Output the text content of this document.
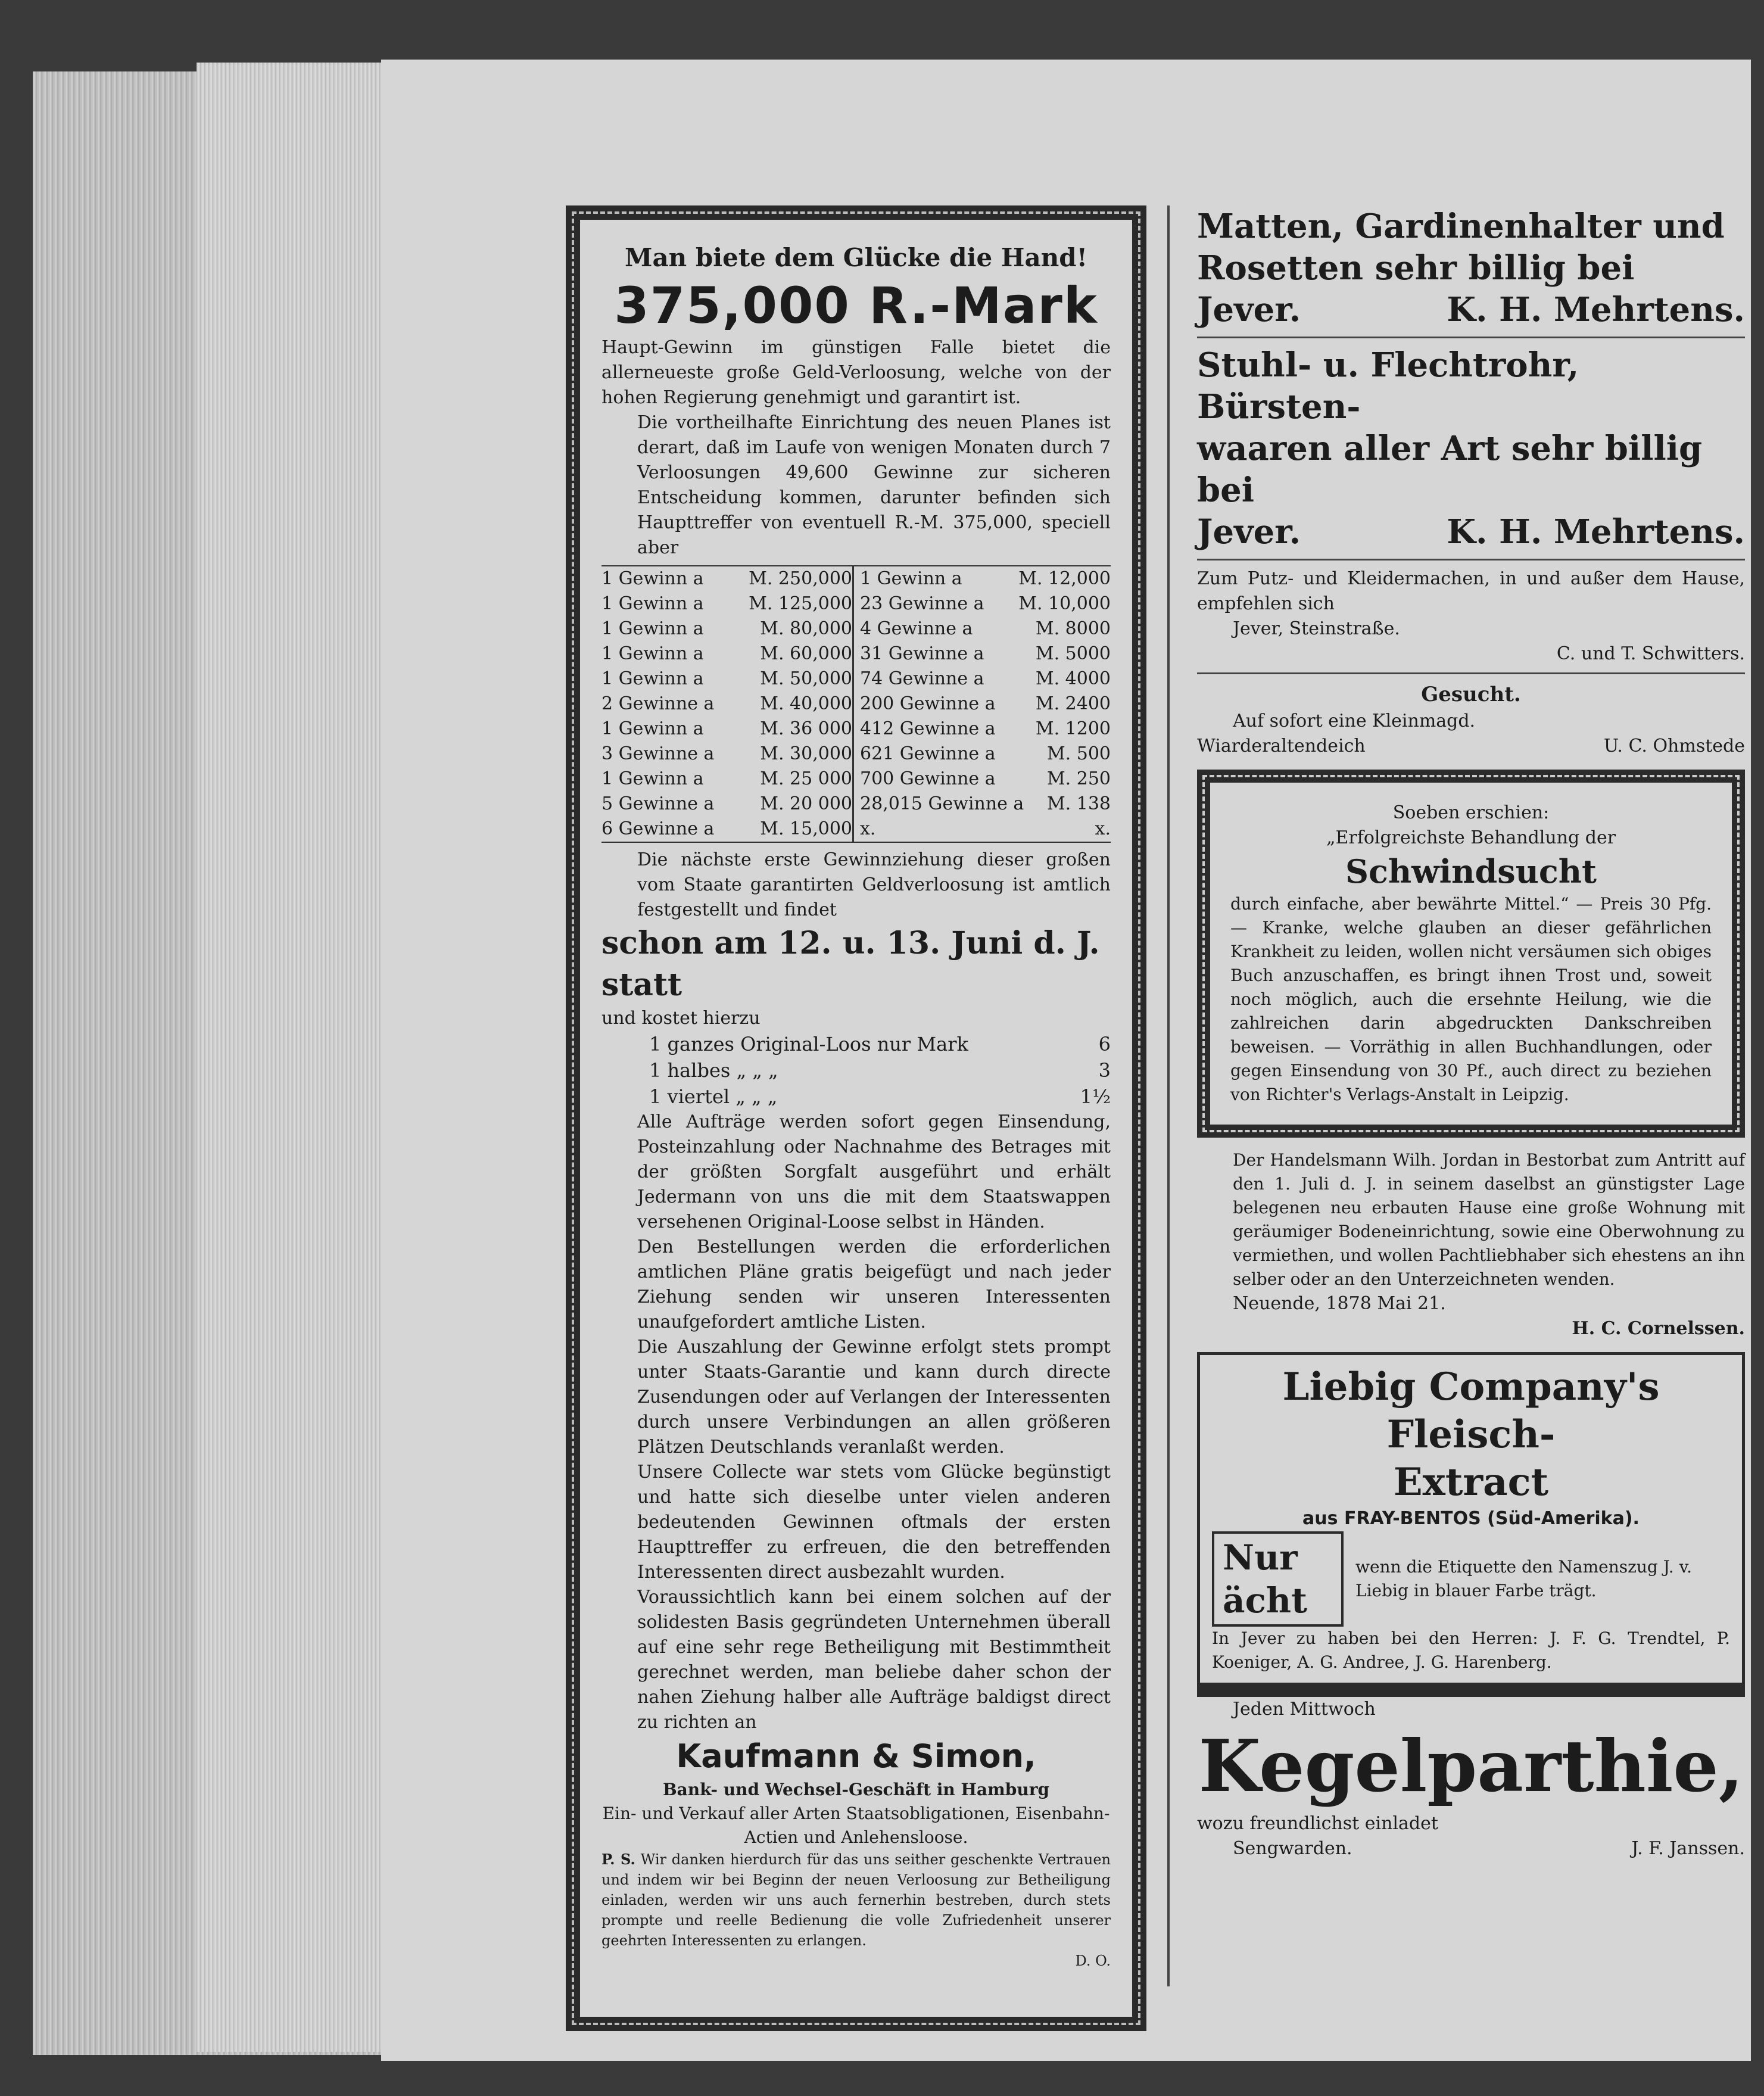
Man biete dem Glücke die Hand!

375,000 R.-Mark

Haupt-Gewinn im günstigen Falle bietet die allerneueste große Geld-Verloosung, welche von der hohen Regierung genehmigt und garantirt ist.

Die vortheilhafte Einrichtung des neuen Planes ist derart, daß im Laufe von wenigen Monaten durch 7 Verloosungen 49,600 Gewinne zur sicheren Entscheidung kommen, darunter befinden sich Haupttreffer von eventuell R.-M. 375,000, speciell aber

1 Gewinn a	M. 250,000
1 Gewinn a	M. 125,000
1 Gewinn a	M. 80,000
1 Gewinn a	M. 60,000
1 Gewinn a	M. 50,000
2 Gewinne a	M. 40,000
1 Gewinn a	M. 36 000
3 Gewinne a	M. 30,000
1 Gewinn a	M. 25 000
5 Gewinne a	M. 20 000
6 Gewinne a	M. 15,000
1 Gewinn a	M. 12,000
23 Gewinne a M. 10,000
4 Gewinne a	M. 8000
31 Gewinne a	M. 5000
74 Gewinne a	M. 4000
200 Gewinne a M. 2400
412 Gewinne a M. 1200
621 Gewinne a	M. 500
700 Gewinne a	M. 250
28,015 Gewinne a M. 138
x.	x.

Die nächste erste Gewinnziehung dieser großen vom Staate garantirten Geldverloosung ist amtlich festgestellt und findet

schon am 12. u. 13. Juni d. J. statt

und kostet hierzu

1 ganzes Original-Loos nur Mark	6
1 halbes „ „ „	3
1 viertel „ „ „	1½

Alle Aufträge werden sofort gegen Einsendung, Posteinzahlung oder Nachnahme des Betrages mit der größten Sorgfalt ausgeführt und erhält Jedermann von uns die mit dem Staatswappen versehenen Original-Loose selbst in Händen.

Den Bestellungen werden die erforderlichen amtlichen Pläne gratis beigefügt und nach jeder Ziehung senden wir unseren Interessenten unaufgefordert amtliche Listen.

Die Auszahlung der Gewinne erfolgt stets prompt unter Staats-Garantie und kann durch directe Zusendungen oder auf Verlangen der Interessenten durch unsere Verbindungen an allen größeren Plätzen Deutschlands veranlaßt werden.

Unsere Collecte war stets vom Glücke begünstigt und hatte sich dieselbe unter vielen anderen bedeutenden Gewinnen oftmals der ersten Haupttreffer zu erfreuen, die den betreffenden Interessenten direct ausbezahlt wurden.

Voraussichtlich kann bei einem solchen auf der solidesten Basis gegründeten Unternehmen überall auf eine sehr rege Betheiligung mit Bestimmtheit gerechnet werden, man beliebe daher schon der nahen Ziehung halber alle Aufträge baldigst direct zu richten an

Kaufmann & Simon,

Bank- und Wechsel-Geschäft in Hamburg

Ein- und Verkauf aller Arten Staatsobligationen, Eisenbahn-Actien und Anlehensloose.

P. S. Wir danken hierdurch für das uns seither geschenkte Vertrauen und indem wir bei Beginn der neuen Verloosung zur Betheiligung einladen, werden wir uns auch fernerhin bestreben, durch stets prompte und reelle Bedienung die volle Zufriedenheit unserer geehrten Interessenten zu erlangen.

D. O.

Matten, Gardinenhalter und

Rosetten sehr billig bei

Jever.	K. H. Mehrtens.

Stuhl- u. Flechtrohr, Bürsten-

waaren aller Art sehr billig bei

Jever.	K. H. Mehrtens.

Zum Putz- und Kleidermachen, in und außer dem Hause, empfehlen sich

Jever, Steinstraße.

C. und T. Schwitters.

Gesucht.

Auf sofort eine Kleinmagd.

Wiarderaltendeich	U. C. Ohmstede

Soeben erschien:

„Erfolgreichste Behandlung der

Schwindsucht

durch einfache, aber bewährte Mittel.“ — Preis 30 Pfg. — Kranke, welche glauben an dieser gefährlichen Krankheit zu leiden, wollen nicht versäumen sich obiges Buch anzuschaffen, es bringt ihnen Trost und, soweit noch möglich, auch die ersehnte Heilung, wie die zahlreichen darin abgedruckten Dankschreiben beweisen. — Vorräthig in allen Buchhandlungen, oder gegen Einsendung von 30 Pf., auch direct zu beziehen von Richter's Verlags-Anstalt in Leipzig.

Der Handelsmann Wilh. Jordan in Bestorbat zum Antritt auf den 1. Juli d. J. in seinem daselbst an günstigster Lage belegenen neu erbauten Hause eine große Wohnung mit geräumiger Bodeneinrichtung, sowie eine Oberwohnung zu vermiethen, und wollen Pachtliebhaber sich ehestens an ihn selber oder an den Unterzeichneten wenden.

Neuende, 1878 Mai 21.

H. C. Cornelssen.

Liebig Company's Fleisch-

Extract

aus FRAY-BENTOS (Süd-Amerika).

Nur ächt
wenn die Etiquette den Namenszug J. v. Liebig in blauer Farbe trägt.

In Jever zu haben bei den Herren: J. F. G. Trendtel, P. Koeniger, A. G. Andree, J. G. Harenberg.

Jeden Mittwoch

Kegelparthie,

wozu freundlichst einladet

Sengwarden.	J. F. Janssen.
